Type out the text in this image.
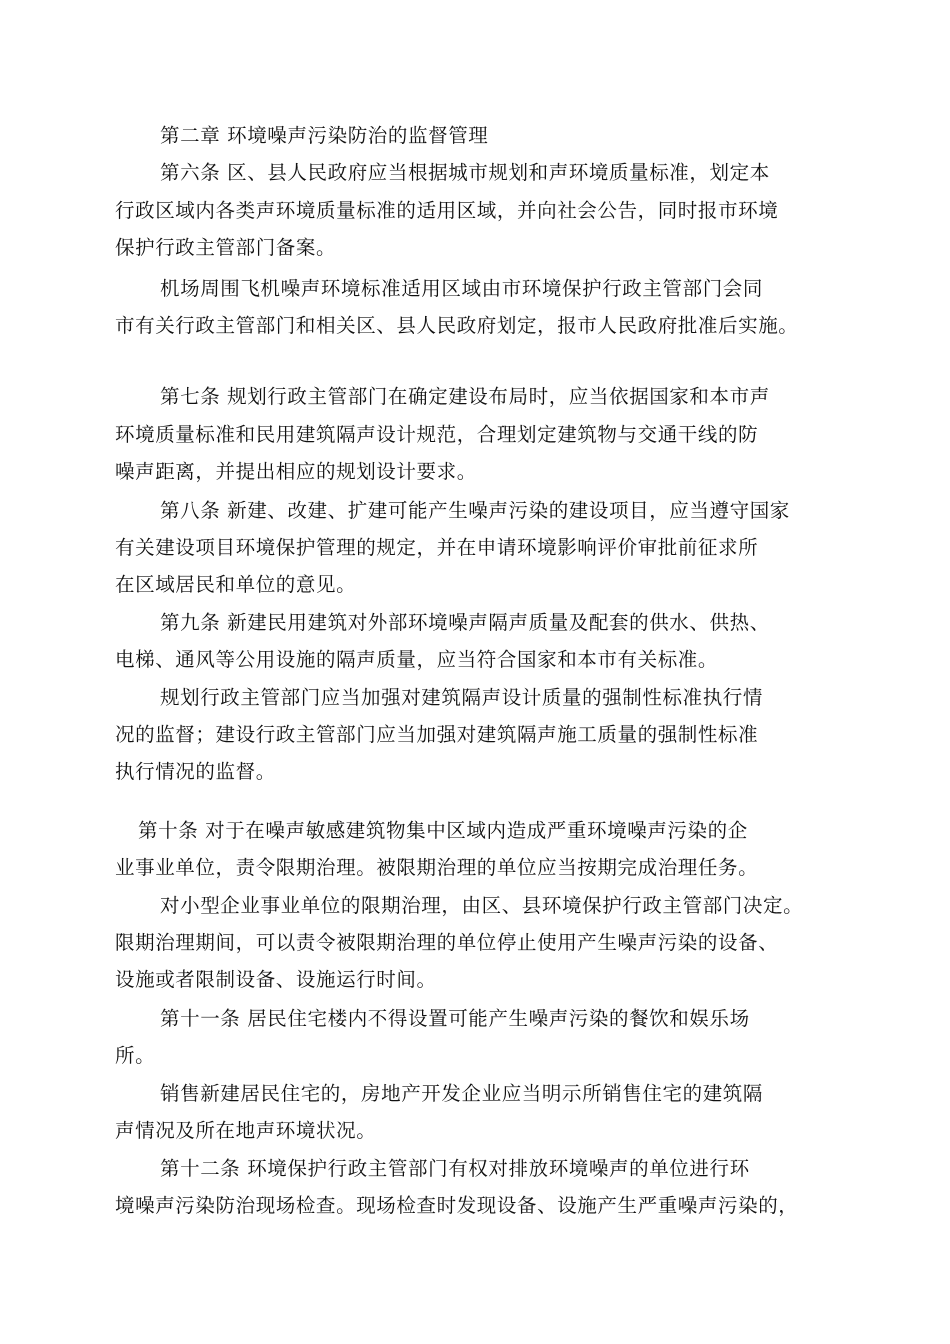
第二章 环境噪声污染防治的监督管理
第六条 区、县人民政府应当根据城市规划和声环境质量标准，划定本
行政区域内各类声环境质量标准的适用区域，并向社会公告，同时报市环境
保护行政主管部门备案。
机场周围飞机噪声环境标准适用区域由市环境保护行政主管部门会同
市有关行政主管部门和相关区、县人民政府划定，报市人民政府批准后实施。
第七条 规划行政主管部门在确定建设布局时，应当依据国家和本市声
环境质量标准和民用建筑隔声设计规范，合理划定建筑物与交通干线的防
噪声距离，并提出相应的规划设计要求。
第八条 新建、改建、扩建可能产生噪声污染的建设项目，应当遵守国家
有关建设项目环境保护管理的规定，并在申请环境影响评价审批前征求所
在区域居民和单位的意见。
第九条 新建民用建筑对外部环境噪声隔声质量及配套的供水、供热、
电梯、通风等公用设施的隔声质量，应当符合国家和本市有关标准。
规划行政主管部门应当加强对建筑隔声设计质量的强制性标准执行情
况的监督；建设行政主管部门应当加强对建筑隔声施工质量的强制性标准
执行情况的监督。
第十条 对于在噪声敏感建筑物集中区域内造成严重环境噪声污染的企
业事业单位，责令限期治理。被限期治理的单位应当按期完成治理任务。
对小型企业事业单位的限期治理，由区、县环境保护行政主管部门决定。
限期治理期间，可以责令被限期治理的单位停止使用产生噪声污染的设备、
设施或者限制设备、设施运行时间。
第十一条 居民住宅楼内不得设置可能产生噪声污染的餐饮和娱乐场
所。
销售新建居民住宅的，房地产开发企业应当明示所销售住宅的建筑隔
声情况及所在地声环境状况。
第十二条 环境保护行政主管部门有权对排放环境噪声的单位进行环
境噪声污染防治现场检查。现场检查时发现设备、设施产生严重噪声污染的，
